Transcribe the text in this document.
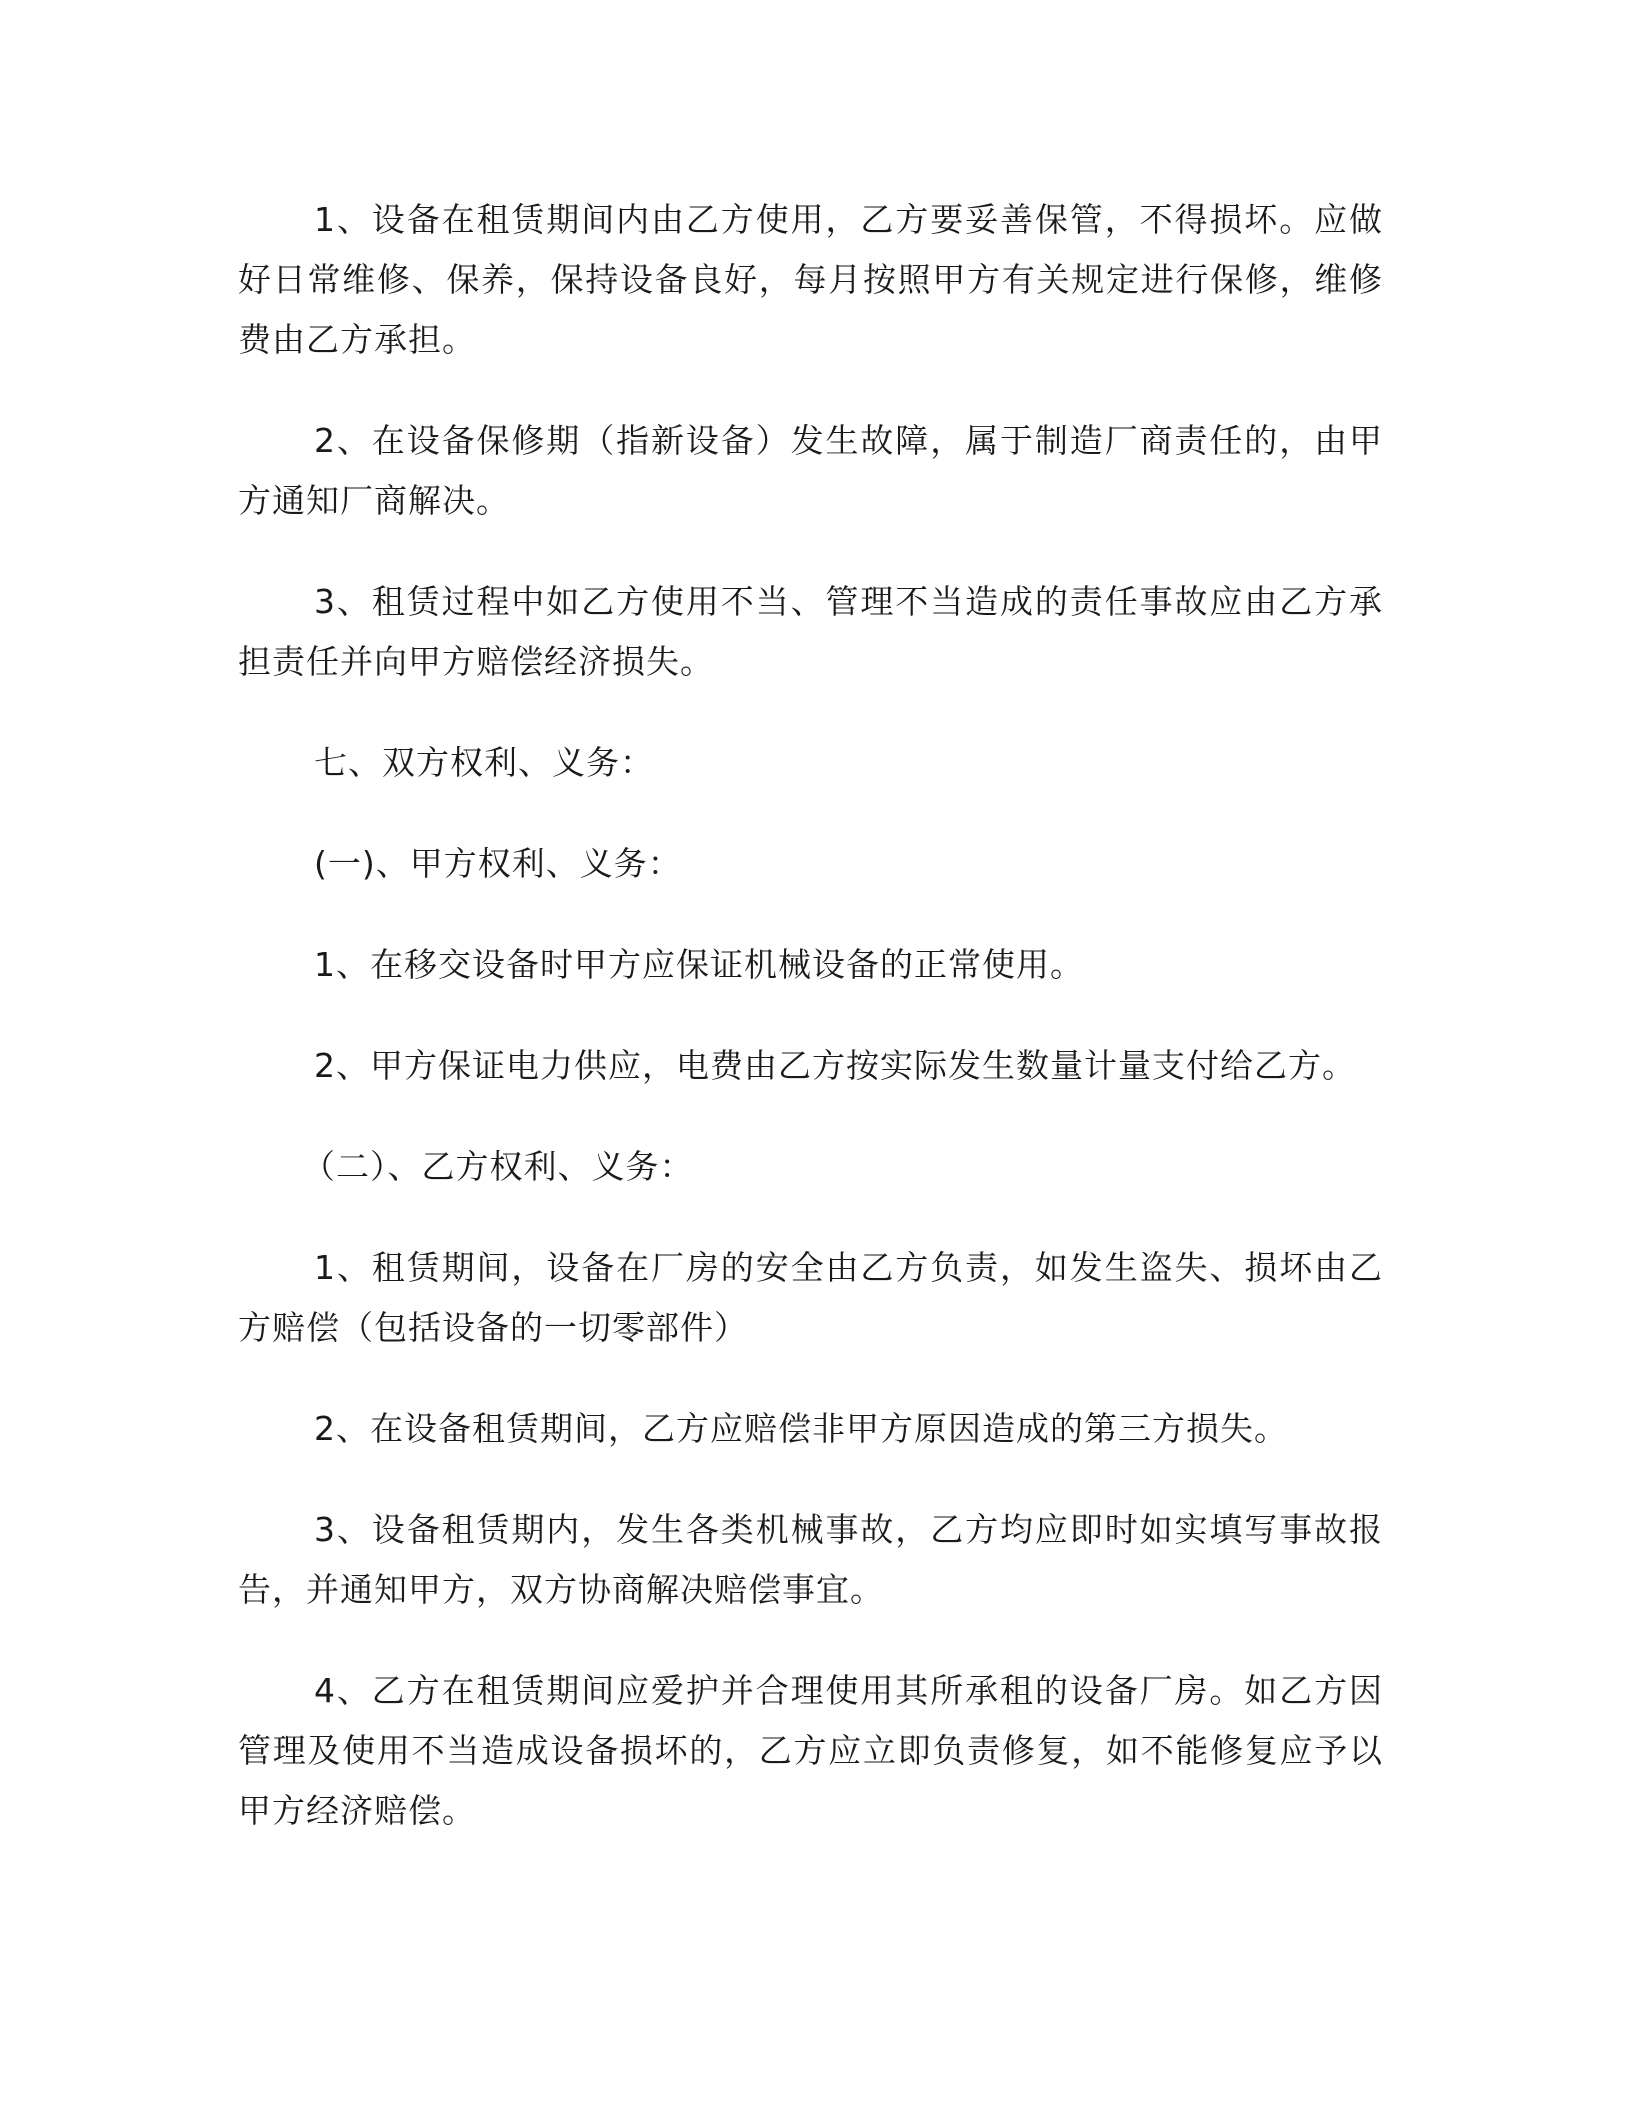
1、设备在租赁期间内由乙方使用，乙方要妥善保管，不得损坏。应做好日常维修、保养，保持设备良好，每月按照甲方有关规定进行保修，维修费由乙方承担。

2、在设备保修期（指新设备）发生故障，属于制造厂商责任的，由甲方通知厂商解决。

3、租赁过程中如乙方使用不当、管理不当造成的责任事故应由乙方承担责任并向甲方赔偿经济损失。

七、双方权利、义务：

(一)、甲方权利、义务：

1、在移交设备时甲方应保证机械设备的正常使用。

2、甲方保证电力供应，电费由乙方按实际发生数量计量支付给乙方。

（二）、乙方权利、义务：

1、租赁期间，设备在厂房的安全由乙方负责，如发生盗失、损坏由乙方赔偿（包括设备的一切零部件）

2、在设备租赁期间，乙方应赔偿非甲方原因造成的第三方损失。

3、设备租赁期内，发生各类机械事故，乙方均应即时如实填写事故报告，并通知甲方，双方协商解决赔偿事宜。

4、乙方在租赁期间应爱护并合理使用其所承租的设备厂房。如乙方因管理及使用不当造成设备损坏的，乙方应立即负责修复，如不能修复应予以甲方经济赔偿。
